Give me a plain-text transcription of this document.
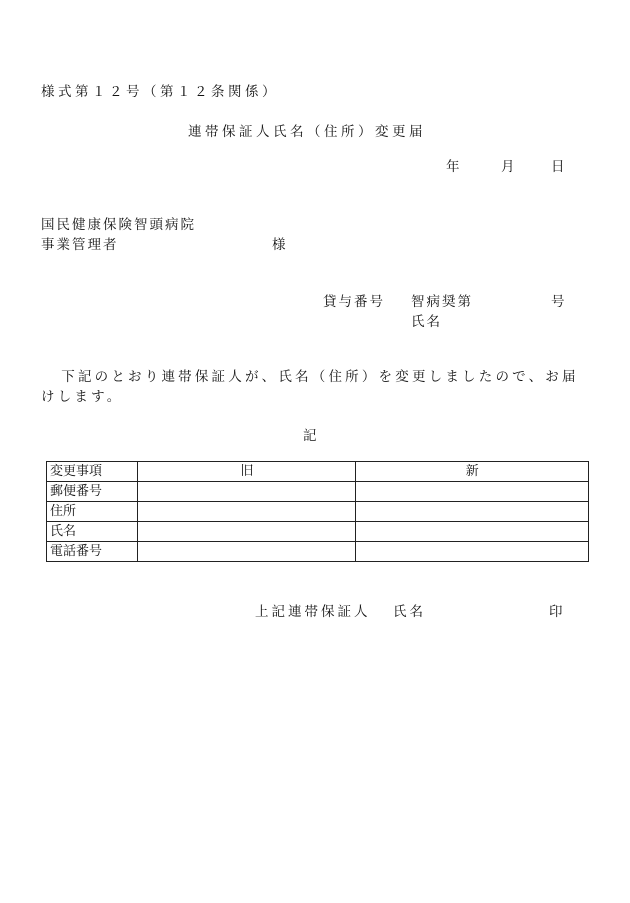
様式第１２号（第１２条関係）
連帯保証人氏名（住所）変更届
年	月	日
国民健康保険智頭病院
事業管理者	様
貸与番号 智病奨第	号
氏名
下記のとおり連帯保証人が、氏名（住所）を変更しましたので、お届けします。
記
変更事項	旧	新
郵便番号		
住所		
氏名		
電話番号		
上記連帯保証人 氏名	印
